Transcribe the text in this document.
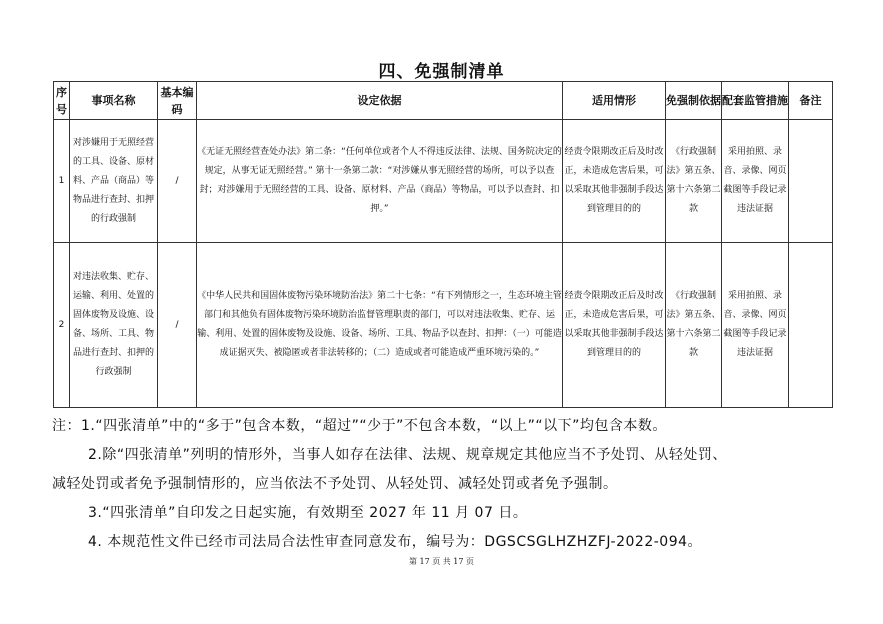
四、免强制清单
序号	事项名称	基本编码	设定依据	适用情形	免强制依据	配套监管措施	备注
1	对涉嫌用于无照经营的工具、设备、原材料、产品（商品）等物品进行查封、扣押的行政强制	/	《无证无照经营查处办法》第二条：“任何单位或者个人不得违反法律、法规、国务院决定的规定，从事无证无照经营。” 第十一条第二款：“对涉嫌从事无照经营的场所，可以予以查封；对涉嫌用于无照经营的工具、设备、原材料、产品（商品）等物品，可以予以查封、扣押。”	经责令限期改正后及时改正，未造成危害后果，可以采取其他非强制手段达到管理目的的	《行政强制法》第五条、第十六条第二款	采用拍照、录音、录像、网页截图等手段记录违法证据	
2	对违法收集、贮存、运输、利用、处置的固体废物及设施、设备、场所、工具、物品进行查封、扣押的行政强制	/	《中华人民共和国固体废物污染环境防治法》第二十七条：“有下列情形之一，生态环境主管部门和其他负有固体废物污染环境防治监督管理职责的部门，可以对违法收集、贮存、运输、利用、处置的固体废物及设施、设备、场所、工具、物品予以查封、扣押：（一）可能造成证据灭失、被隐匿或者非法转移的；（二）造成或者可能造成严重环境污染的。”	经责令限期改正后及时改正，未造成危害后果，可以采取其他非强制手段达到管理目的的	《行政强制法》第五条、第十六条第二款	采用拍照、录音、录像、网页截图等手段记录违法证据	
注：1.“四张清单”中的“多于”包含本数，“超过”“少于”不包含本数，“以上”“以下”均包含本数。
2.除“四张清单”列明的情形外，当事人如存在法律、法规、规章规定其他应当不予处罚、从轻处罚、
减轻处罚或者免予强制情形的，应当依法不予处罚、从轻处罚、减轻处罚或者免予强制。
3.“四张清单”自印发之日起实施，有效期至 2027 年 11 月 07 日。
4. 本规范性文件已经市司法局合法性审查同意发布，编号为：DGSCSGLHZHZFJ-2022-094。
第 17 页 共 17 页
